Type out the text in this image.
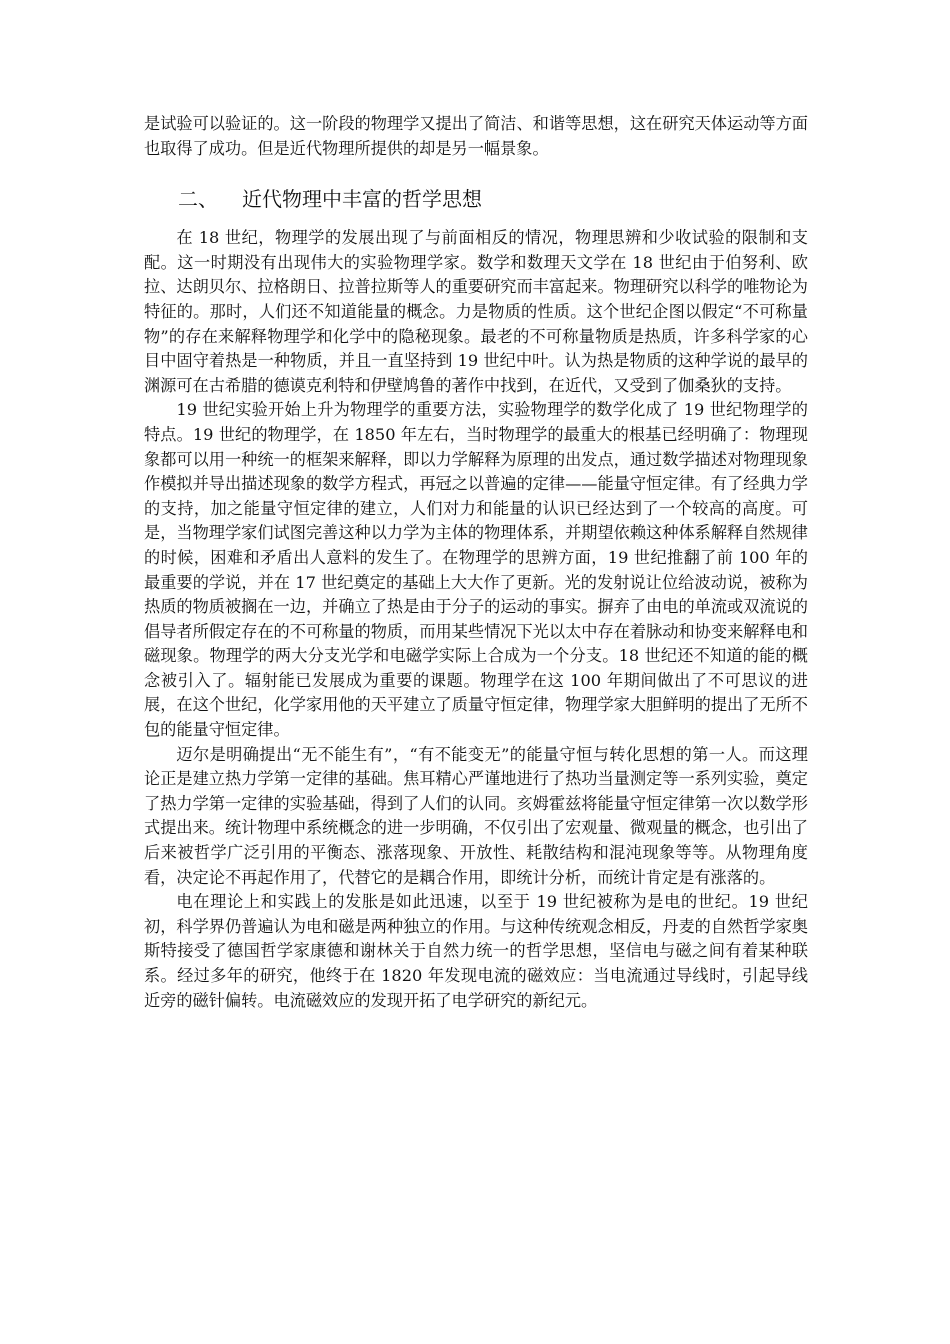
是试验可以验证的。这一阶段的物理学又提出了简洁、和谐等思想，这在研究天体运动等方面也取得了成功。但是近代物理所提供的却是另一幅景象。

二、 近代物理中丰富的哲学思想

在 18 世纪，物理学的发展出现了与前面相反的情况，物理思辨和少收试验的限制和支配。这一时期没有出现伟大的实验物理学家。数学和数理天文学在 18 世纪由于伯努利、欧拉、达朗贝尔、拉格朗日、拉普拉斯等人的重要研究而丰富起来。物理研究以科学的唯物论为特征的。那时，人们还不知道能量的概念。力是物质的性质。这个世纪企图以假定“不可称量物”的存在来解释物理学和化学中的隐秘现象。最老的不可称量物质是热质，许多科学家的心目中固守着热是一种物质，并且一直坚持到 19 世纪中叶。认为热是物质的这种学说的最早的渊源可在古希腊的德谟克利特和伊壁鸠鲁的著作中找到，在近代，又受到了伽桑狄的支持。

19 世纪实验开始上升为物理学的重要方法，实验物理学的数学化成了 19 世纪物理学的特点。19 世纪的物理学，在 1850 年左右，当时物理学的最重大的根基已经明确了：物理现象都可以用一种统一的框架来解释，即以力学解释为原理的出发点，通过数学描述对物理现象作模拟并导出描述现象的数学方程式，再冠之以普遍的定律——能量守恒定律。有了经典力学的支持，加之能量守恒定律的建立，人们对力和能量的认识已经达到了一个较高的高度。可是，当物理学家们试图完善这种以力学为主体的物理体系，并期望依赖这种体系解释自然规律的时候，困难和矛盾出人意料的发生了。在物理学的思辨方面，19 世纪推翻了前 100 年的最重要的学说，并在 17 世纪奠定的基础上大大作了更新。光的发射说让位给波动说，被称为热质的物质被搁在一边，并确立了热是由于分子的运动的事实。摒弃了由电的单流或双流说的倡导者所假定存在的不可称量的物质，而用某些情况下光以太中存在着脉动和协变来解释电和磁现象。物理学的两大分支光学和电磁学实际上合成为一个分支。18 世纪还不知道的能的概念被引入了。辐射能已发展成为重要的课题。物理学在这 100 年期间做出了不可思议的进展，在这个世纪，化学家用他的天平建立了质量守恒定律，物理学家大胆鲜明的提出了无所不包的能量守恒定律。

迈尔是明确提出“无不能生有”，“有不能变无”的能量守恒与转化思想的第一人。而这理论正是建立热力学第一定律的基础。焦耳精心严谨地进行了热功当量测定等一系列实验，奠定了热力学第一定律的实验基础，得到了人们的认同。亥姆霍兹将能量守恒定律第一次以数学形式提出来。统计物理中系统概念的进一步明确，不仅引出了宏观量、微观量的概念，也引出了后来被哲学广泛引用的平衡态、涨落现象、开放性、耗散结构和混沌现象等等。从物理角度看，决定论不再起作用了，代替它的是耦合作用，即统计分析，而统计肯定是有涨落的。

电在理论上和实践上的发胀是如此迅速，以至于 19 世纪被称为是电的世纪。19 世纪初，科学界仍普遍认为电和磁是两种独立的作用。与这种传统观念相反，丹麦的自然哲学家奥斯特接受了德国哲学家康德和谢林关于自然力统一的哲学思想，坚信电与磁之间有着某种联系。经过多年的研究，他终于在 1820 年发现电流的磁效应：当电流通过导线时，引起导线近旁的磁针偏转。电流磁效应的发现开拓了电学研究的新纪元。
